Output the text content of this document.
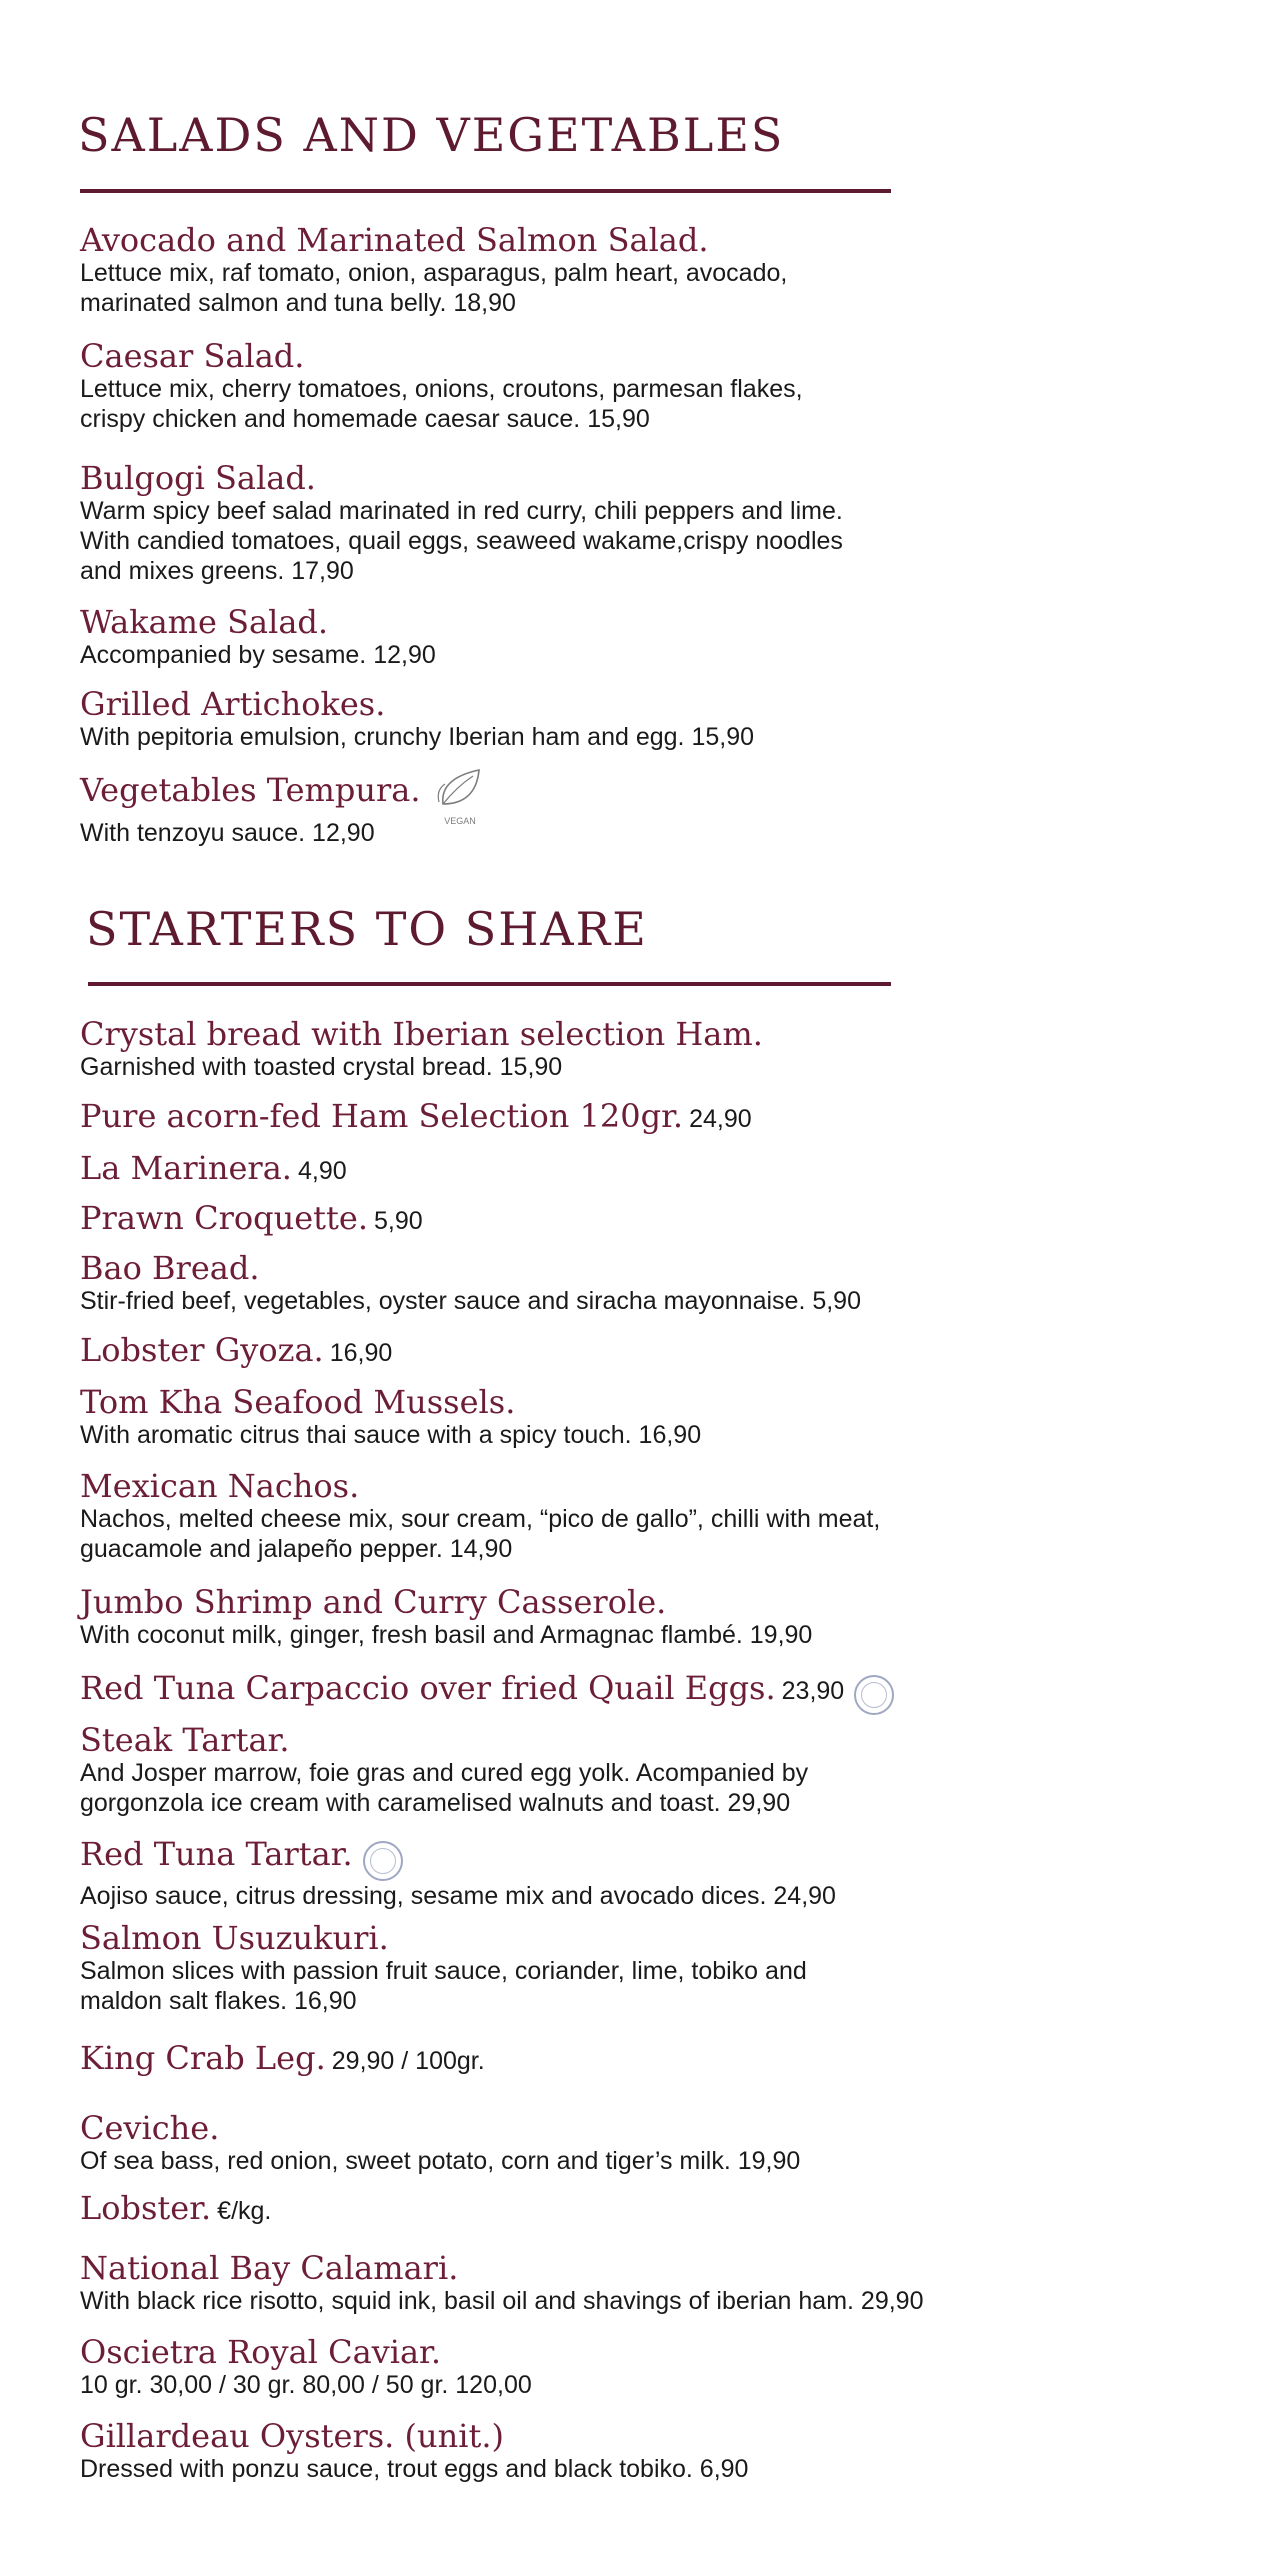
SALADS AND VEGETABLES
Avocado and Marinated Salmon Salad.

Lettuce mix, raf tomato, onion, asparagus, palm heart, avocado,

marinated salmon and tuna belly. 18,90

Caesar Salad.

Lettuce mix, cherry tomatoes, onions, croutons, parmesan flakes,

crispy chicken and homemade caesar sauce. 15,90

Bulgogi Salad.

Warm spicy beef salad marinated in red curry, chili peppers and lime.

With candied tomatoes, quail eggs, seaweed wakame,crispy noodles

and mixes greens. 17,90

Wakame Salad.

Accompanied by sesame. 12,90

Grilled Artichokes.

With pepitoria emulsion, crunchy Iberian ham and egg. 15,90

Vegetables Tempura.
VEGAN

With tenzoyu sauce. 12,90

STARTERS TO SHARE
Crystal bread with Iberian selection Ham.

Garnished with toasted crystal bread. 15,90

Pure acorn-fed Ham Selection 120gr. 24,90
La Marinera. 4,90
Prawn Croquette. 5,90
Bao Bread.

Stir-fried beef, vegetables, oyster sauce and siracha mayonnaise. 5,90

Lobster Gyoza. 16,90
Tom Kha Seafood Mussels.

With aromatic citrus thai sauce with a spicy touch. 16,90

Mexican Nachos.

Nachos, melted cheese mix, sour cream, “pico de gallo”, chilli with meat,

guacamole and jalapeño pepper. 14,90

Jumbo Shrimp and Curry Casserole.

With coconut milk, ginger, fresh basil and Armagnac flambé. 19,90

Red Tuna Carpaccio over fried Quail Eggs. 23,90
Steak Tartar.

And Josper marrow, foie gras and cured egg yolk. Acompanied by

gorgonzola ice cream with caramelised walnuts and toast. 29,90

Red Tuna Tartar.

Aojiso sauce, citrus dressing, sesame mix and avocado dices. 24,90

Salmon Usuzukuri.

Salmon slices with passion fruit sauce, coriander, lime, tobiko and

maldon salt flakes. 16,90

King Crab Leg. 29,90 / 100gr.
Ceviche.

Of sea bass, red onion, sweet potato, corn and tiger’s milk. 19,90

Lobster. €/kg.
National Bay Calamari.

With black rice risotto, squid ink, basil oil and shavings of iberian ham. 29,90

Oscietra Royal Caviar.

10 gr. 30,00 / 30 gr. 80,00 / 50 gr. 120,00

Gillardeau Oysters. (unit.)

Dressed with ponzu sauce, trout eggs and black tobiko. 6,90
